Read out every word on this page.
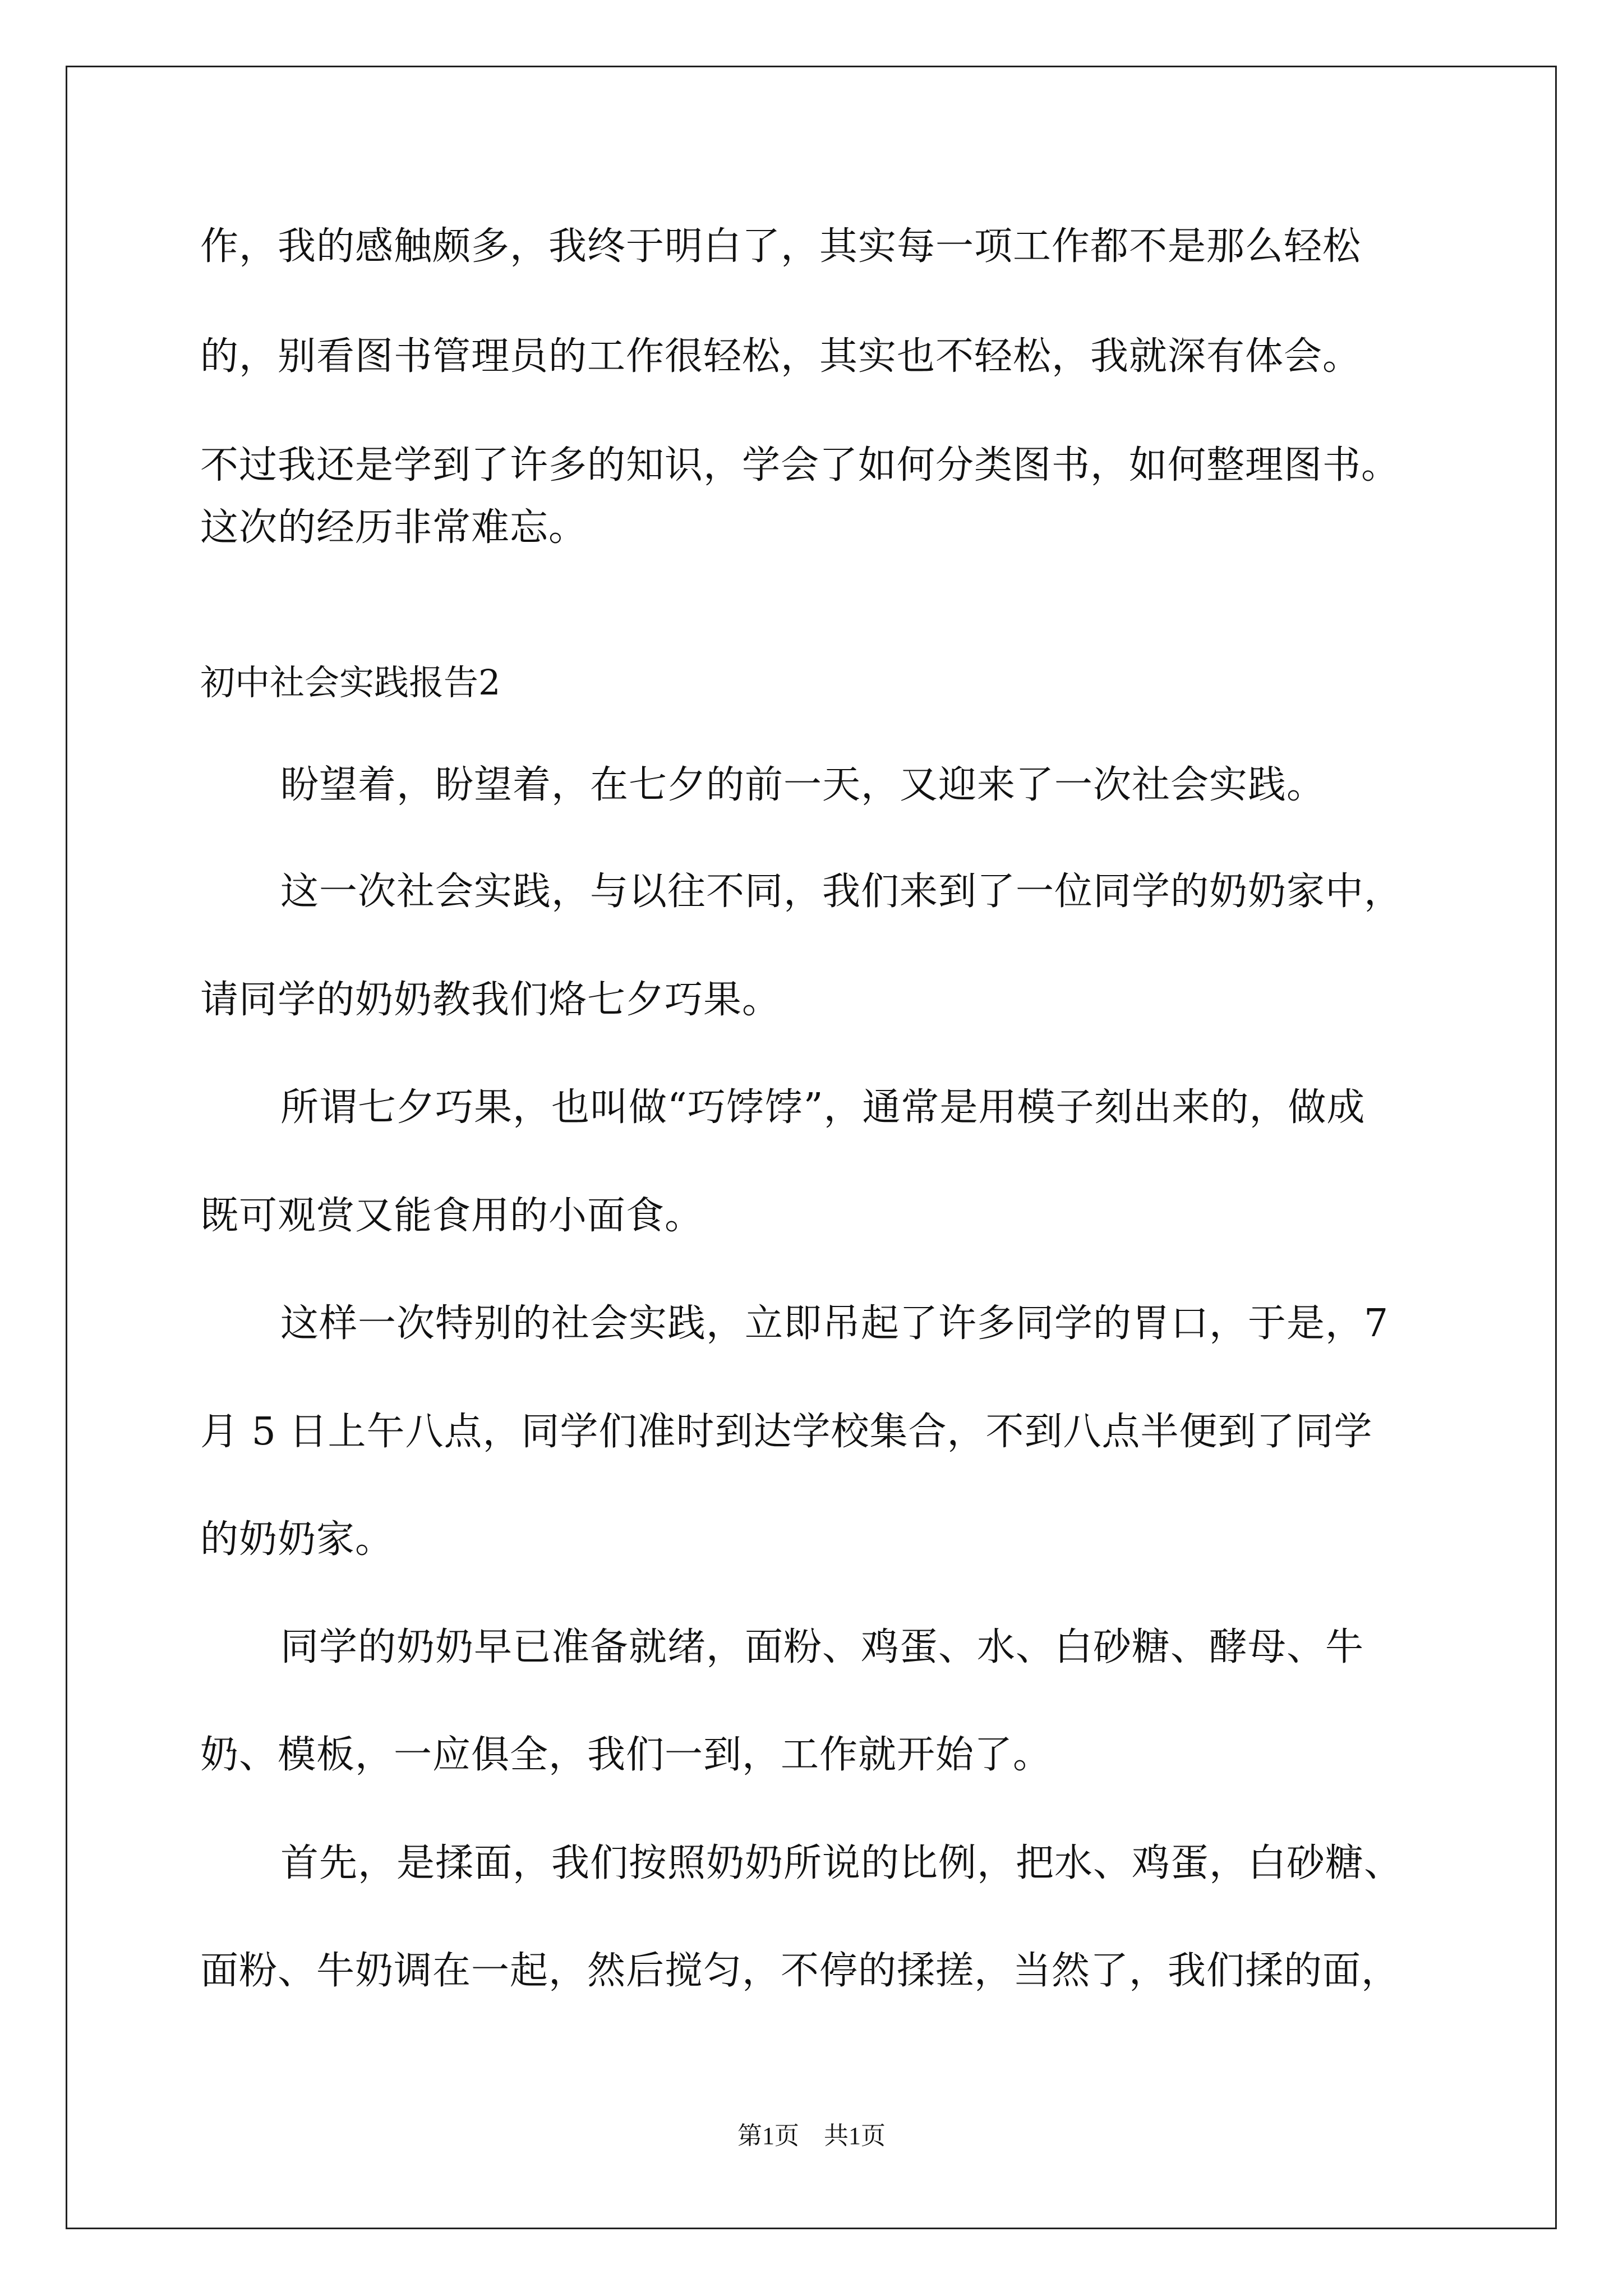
作，我的感触颇多，我终于明白了，其实每一项工作都不是那么轻松
的，别看图书管理员的工作很轻松，其实也不轻松，我就深有体会。
不过我还是学到了许多的知识，学会了如何分类图书，如何整理图书。
这次的经历非常难忘。
初中社会实践报告2
盼望着，盼望着，在七夕的前一天，又迎来了一次社会实践。
这一次社会实践，与以往不同，我们来到了一位同学的奶奶家中，
请同学的奶奶教我们烙七夕巧果。
所谓七夕巧果，也叫做“巧饽饽”，通常是用模子刻出来的，做成
既可观赏又能食用的小面食。
这样一次特别的社会实践，立即吊起了许多同学的胃口，于是，7
月 5 日上午八点，同学们准时到达学校集合，不到八点半便到了同学
的奶奶家。
同学的奶奶早已准备就绪，面粉、鸡蛋、水、白砂糖、酵母、牛
奶、模板，一应俱全，我们一到，工作就开始了。
首先，是揉面，我们按照奶奶所说的比例，把水、鸡蛋，白砂糖、
面粉、牛奶调在一起，然后搅匀，不停的揉搓，当然了，我们揉的面，
第1页　共1页
